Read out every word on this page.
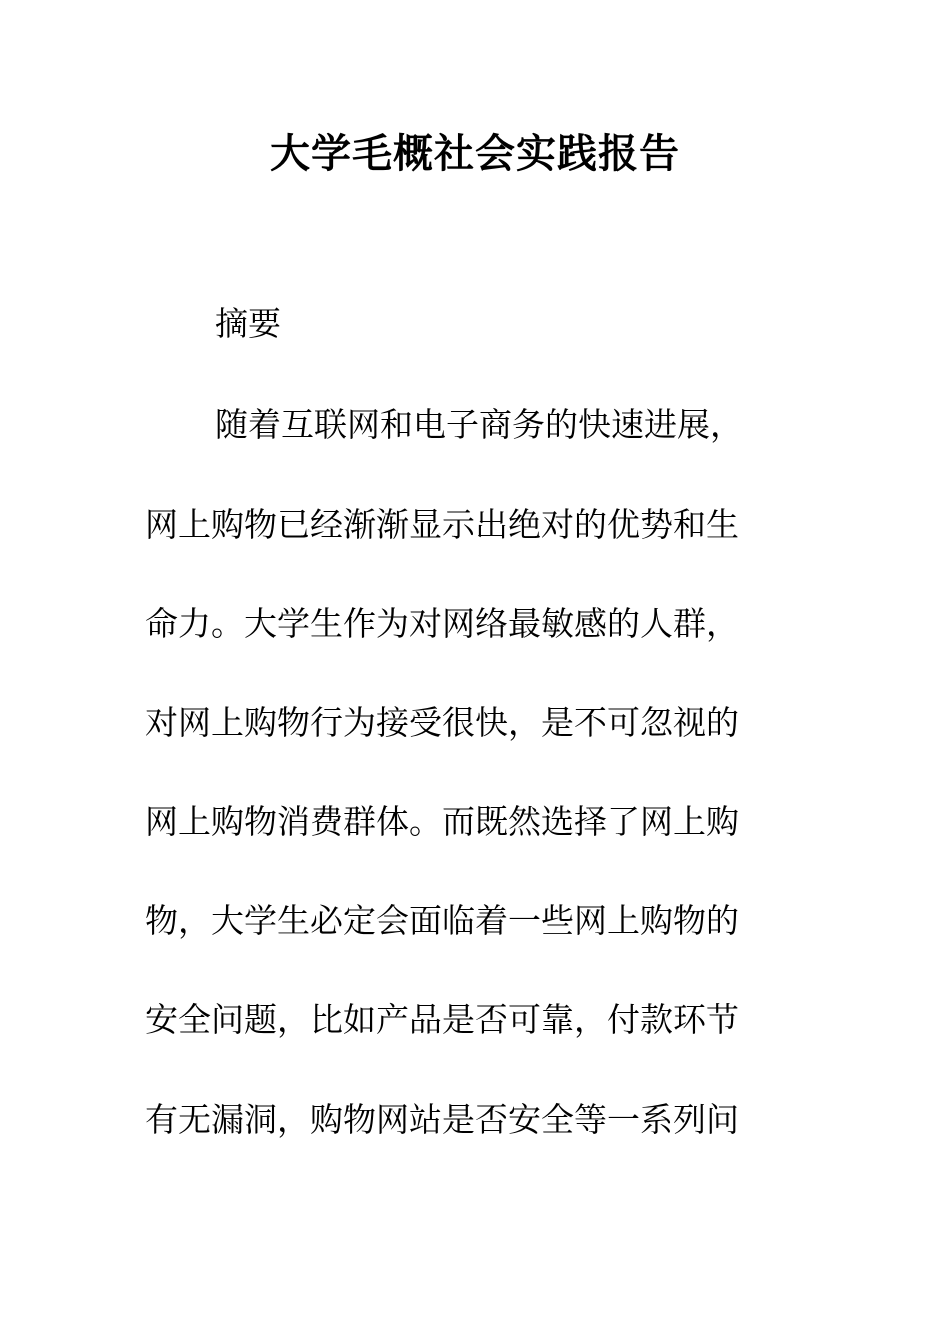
大学毛概社会实践报告

摘要

随着互联网和电子商务的快速进展，

网上购物已经渐渐显示出绝对的优势和生

命力。大学生作为对网络最敏感的人群，

对网上购物行为接受很快，是不可忽视的

网上购物消费群体。而既然选择了网上购

物，大学生必定会面临着一些网上购物的

安全问题，比如产品是否可靠，付款环节

有无漏洞，购物网站是否安全等一系列问
